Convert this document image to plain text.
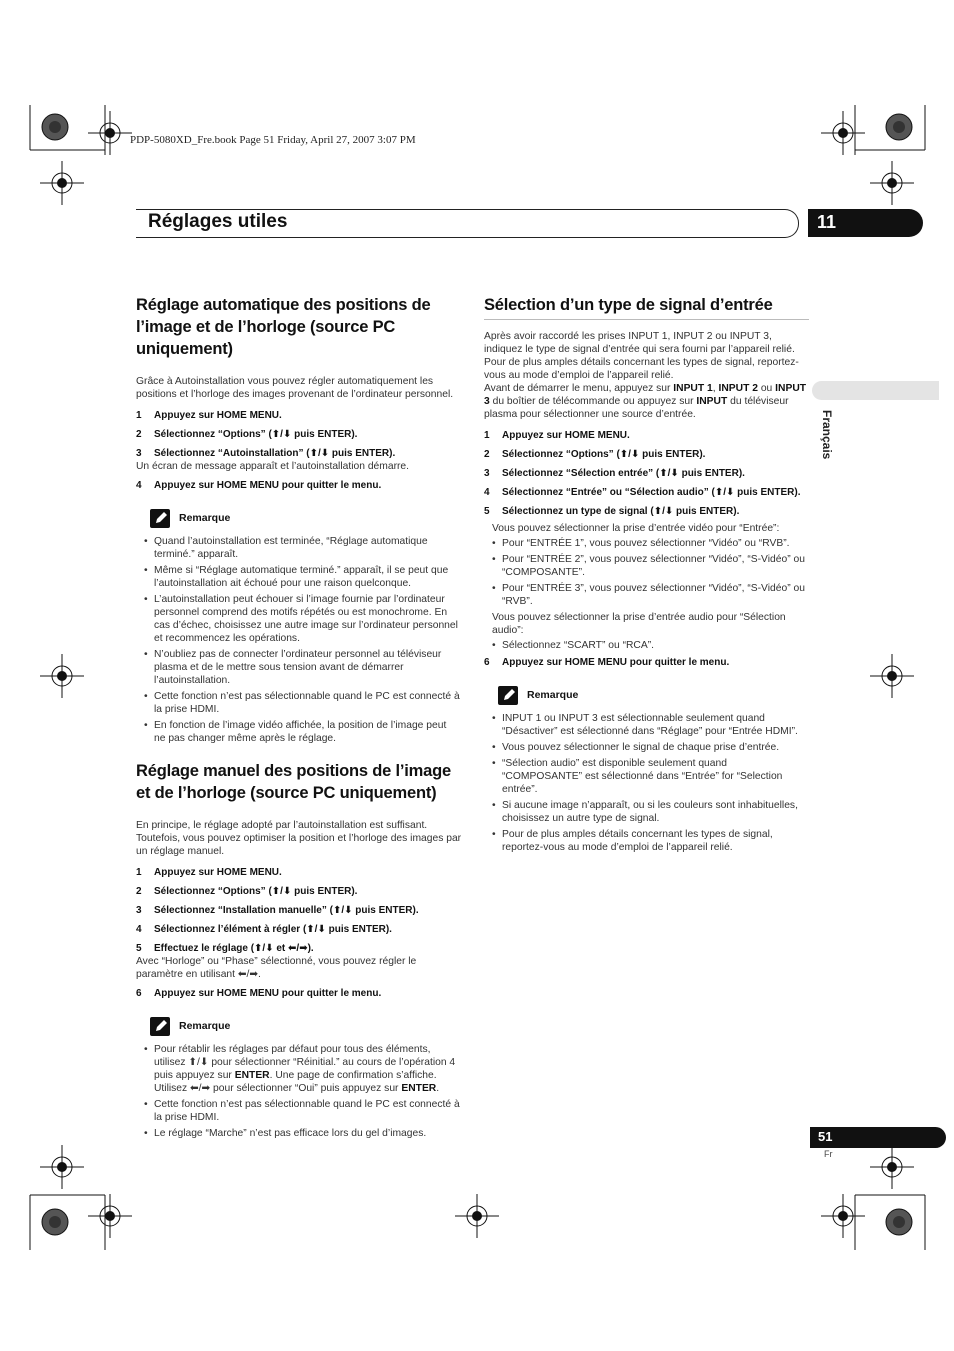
PDP-5080XD_Fre.book Page 51 Friday, April 27, 2007 3:07 PM
Réglages utiles	11
Français
Réglage automatique des positions de l’image et de l’horloge (source PC uniquement)

Grâce à Autoinstallation vous pouvez régler automatiquement les positions et l’horloge des images provenant de l’ordinateur personnel.

1 Appuyez sur HOME MENU.

2 Sélectionnez “Options” (⬆/⬇ puis ENTER).

3 Sélectionnez “Autoinstallation” (⬆/⬇ puis ENTER).

Un écran de message apparaît et l’autoinstallation démarre.

4 Appuyez sur HOME MENU pour quitter le menu.

Remarque
• Quand l’autoinstallation est terminée, “Réglage automatique terminé.” apparaît.
• Même si “Réglage automatique terminé.” apparaît, il se peut que l’autoinstallation ait échoué pour une raison quelconque.
• L’autoinstallation peut échouer si l’image fournie par l’ordinateur personnel comprend des motifs répétés ou est monochrome. En cas d’échec, choisissez une autre image sur l’ordinateur personnel et recommencez les opérations.
• N’oubliez pas de connecter l’ordinateur personnel au téléviseur plasma et de le mettre sous tension avant de démarrer l’autoinstallation.
• Cette fonction n’est pas sélectionnable quand le PC est connecté à la prise HDMI.
• En fonction de l’image vidéo affichée, la position de l’image peut ne pas changer même après le réglage.
Réglage manuel des positions de l’image et de l’horloge (source PC uniquement)

En principe, le réglage adopté par l’autoinstallation est suffisant. Toutefois, vous pouvez optimiser la position et l’horloge des images par un réglage manuel.

1 Appuyez sur HOME MENU.

2 Sélectionnez “Options” (⬆/⬇ puis ENTER).

3 Sélectionnez “Installation manuelle” (⬆/⬇ puis ENTER).

4 Sélectionnez l’élément à régler (⬆/⬇ puis ENTER).

5 Effectuez le réglage (⬆/⬇ et ⬅/➡).

Avec “Horloge” ou “Phase” sélectionné, vous pouvez régler le paramètre en utilisant ⬅/➡.

6 Appuyez sur HOME MENU pour quitter le menu.

Remarque
• Pour rétablir les réglages par défaut pour tous des éléments, utilisez ⬆/⬇ pour sélectionner “Réinitial.” au cours de l’opération 4 puis appuyez sur ENTER. Une page de confirmation s’affiche. Utilisez ⬅/➡ pour sélectionner “Oui” puis appuyez sur ENTER.
• Cette fonction n’est pas sélectionnable quand le PC est connecté à la prise HDMI.
• Le réglage “Marche” n’est pas efficace lors du gel d’images.
Sélection d’un type de signal d’entrée

Après avoir raccordé les prises INPUT 1, INPUT 2 ou INPUT 3, indiquez le type de signal d’entrée qui sera fourni par l’appareil relié. Pour de plus amples détails concernant les types de signal, reportez-vous au mode d’emploi de l’appareil relié.

Avant de démarrer le menu, appuyez sur INPUT 1, INPUT 2 ou INPUT 3 du boîtier de télécommande ou appuyez sur INPUT du téléviseur plasma pour sélectionner une source d’entrée.

1 Appuyez sur HOME MENU.

2 Sélectionnez “Options” (⬆/⬇ puis ENTER).

3 Sélectionnez “Sélection entrée” (⬆/⬇ puis ENTER).

4 Sélectionnez “Entrée” ou “Sélection audio” (⬆/⬇ puis ENTER).

5 Sélectionnez un type de signal (⬆/⬇ puis ENTER).

Vous pouvez sélectionner la prise d’entrée vidéo pour “Entrée”:

• Pour “ENTRÉE 1”, vous pouvez sélectionner “Vidéo” ou “RVB”.
• Pour “ENTRÉE 2”, vous pouvez sélectionner “Vidéo”, “S-Vidéo” ou “COMPOSANTE”.
• Pour “ENTRÉE 3”, vous pouvez sélectionner “Vidéo”, “S-Vidéo” ou “RVB”.

Vous pouvez sélectionner la prise d’entrée audio pour “Sélection audio”:

• Sélectionnez “SCART” ou “RCA”.

6 Appuyez sur HOME MENU pour quitter le menu.

Remarque
• INPUT 1 ou INPUT 3 est sélectionnable seulement quand “Désactiver” est sélectionné dans “Réglage” pour “Entrée HDMI”.
• Vous pouvez sélectionner le signal de chaque prise d’entrée.
• “Sélection audio” est disponible seulement quand “COMPOSANTE” est sélectionné dans “Entrée” for “Selection entrée”.
• Si aucune image n’apparaît, ou si les couleurs sont inhabituelles, choisissez un autre type de signal.
• Pour de plus amples détails concernant les types de signal, reportez-vous au mode d’emploi de l’appareil relié.
51
Fr
